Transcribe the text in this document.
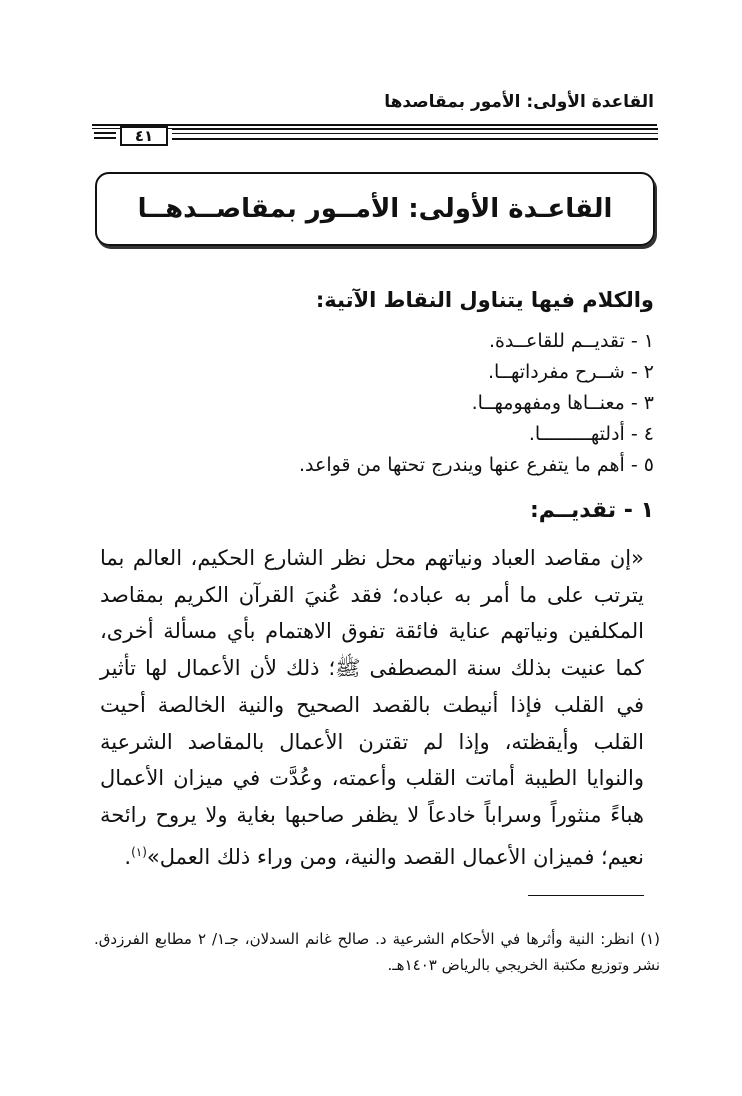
القاعدة الأولى: الأمور بمقاصدها
٤١
القاعـدة الأولى: الأمــور بمقاصــدهــا
والكلام فيها يتناول النقاط الآتية:
١ - تقديــم للقاعــدة.
٢ - شــرح مفرداتهــا.
٣ - معنــاها ومفهومهــا.
٤ - أدلتهـــــــــا.
٥ - أهم ما يتفرع عنها ويندرج تحتها من قواعد.
١ - تقديــم:

«إن مقاصد العباد ونياتهم محل نظر الشارع الحكيم، العالم بما يترتب على ما أمر به عباده؛ فقد عُنيَ القرآن الكريم بمقاصد المكلفين ونياتهم عناية فائقة تفوق الاهتمام بأي مسألة أخرى، كما عنيت بذلك سنة المصطفى ﷺ؛ ذلك لأن الأعمال لها تأثير في القلب فإذا أنيطت بالقصد الصحيح والنية الخالصة أحيت القلب وأيقظته، وإذا لم تقترن الأعمال بالمقاصد الشرعية والنوايا الطيبة أماتت القلب وأعمته، وعُدَّت في ميزان الأعمال هباءً منثوراً وسراباً خادعاً لا يظفر صاحبها بغاية ولا يروح رائحة نعيم؛ فميزان الأعمال القصد والنية، ومن وراء ذلك العمل»$^{(١)}$.

(١) انظر: النية وأثرها في الأحكام الشرعية د. صالح غانم السدلان، جـ١/ ٢ مطابع الفرزدق. نشر وتوزيع مكتبة الخريجي بالرياض ١٤٠٣هـ.
